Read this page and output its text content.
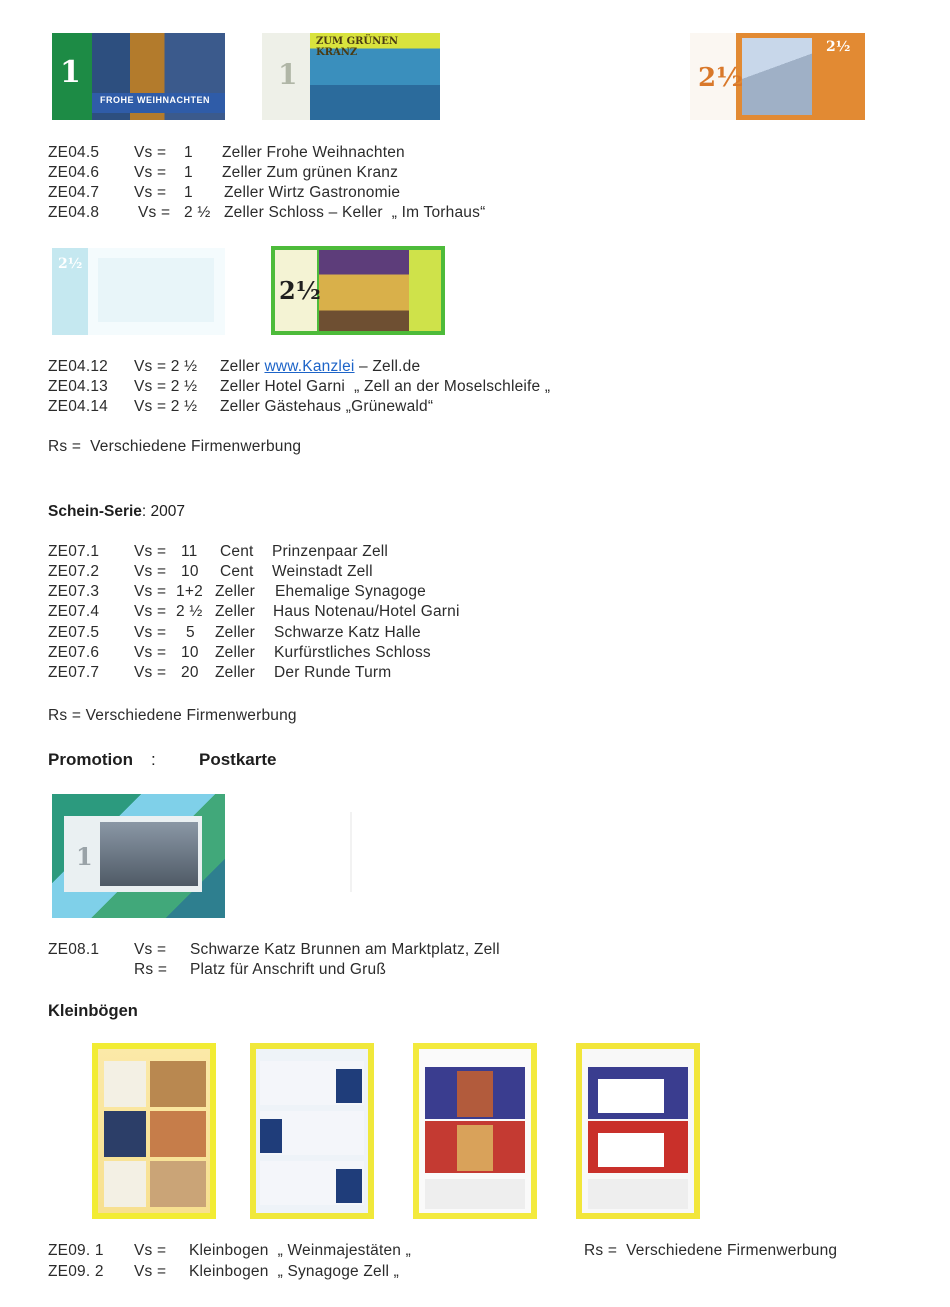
1
FROHE WEIHNACHTEN
1
ZUM GRÜNEN KRANZ
2½
2½
ZE04.5 Vs = 1 Zeller Frohe Weihnachten
ZE04.6 Vs = 1 Zeller Zum grünen Kranz
ZE04.7 Vs = 1 Zeller Wirtz Gastronomie
ZE04.8	Vs = 2 ½ Zeller Schloss – Keller  „ Im Torhaus“
2½
2½
ZE04.12 Vs = 2 ½ Zeller www.Kanzlei – Zell.de
ZE04.13 Vs = 2 ½ Zeller Hotel Garni  „ Zell an der Moselschleife „
ZE04.14 Vs = 2 ½ Zeller Gästehaus „Grünewald“
Rs =  Verschiedene Firmenwerbung
Schein-Serie: 2007
ZE07.1 Vs = 11 Cent Prinzenpaar Zell
ZE07.2 Vs = 10 Cent Weinstadt Zell
ZE07.3 Vs = 1+2 Zeller Ehemalige Synagoge
ZE07.4 Vs = 2 ½ Zeller Haus Notenau/Hotel Garni
ZE07.5 Vs = 5 Zeller Schwarze Katz Halle
ZE07.6 Vs = 10 Zeller Kurfürstliches Schloss
ZE07.7 Vs = 20 Zeller Der Runde Turm
Rs = Verschiedene Firmenwerbung
Promotion :	Postkarte
1
ZE08.1 Vs = Schwarze Katz Brunnen am Marktplatz, Zell
Rs = Platz für Anschrift und Gruß
Kleinbögen
ZE09. 1 Vs = Kleinbogen  „ Weinmajestäten „	Rs =  Verschiedene Firmenwerbung
ZE09. 2 Vs = Kleinbogen  „ Synagoge Zell „
